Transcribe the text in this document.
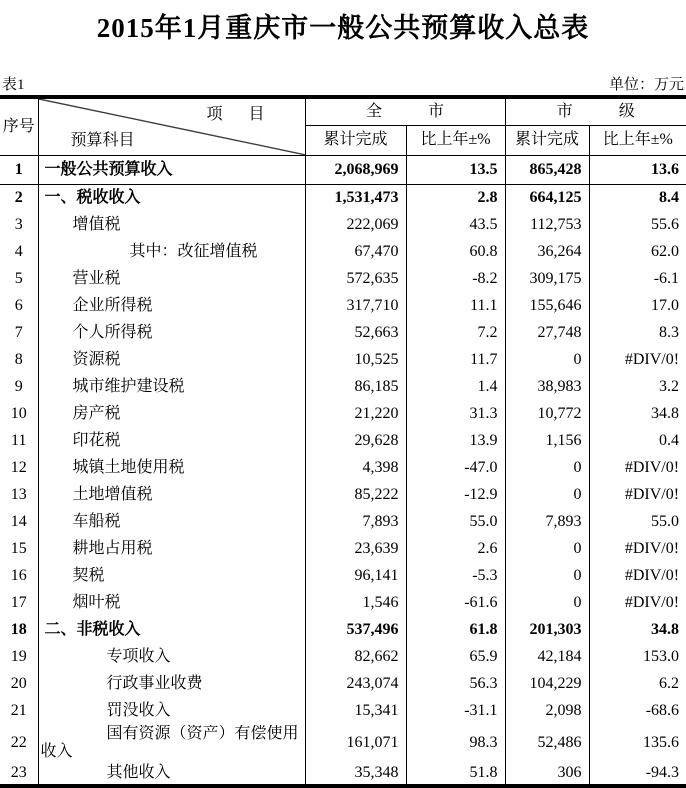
2015年1月重庆市一般公共预算收入总表
表1	单位：万元
序号	项 目
预算科目	全市		市级	
		累计完成	比上年±%	累计完成	比上年±%
1	一般公共预算收入	2,068,969	13.5	865,428	13.6
2	一、税收收入	1,531,473	2.8	664,125	8.4
3	增值税	222,069	43.5	112,753	55.6
4	其中：改征增值税	67,470	60.8	36,264	62.0
5	营业税	572,635	-8.2	309,175	-6.1
6	企业所得税	317,710	11.1	155,646	17.0
7	个人所得税	52,663	7.2	27,748	8.3
8	资源税	10,525	11.7	0	#DIV/0!
9	城市维护建设税	86,185	1.4	38,983	3.2
10	房产税	21,220	31.3	10,772	34.8
11	印花税	29,628	13.9	1,156	0.4
12	城镇土地使用税	4,398	-47.0	0	#DIV/0!
13	土地增值税	85,222	-12.9	0	#DIV/0!
14	车船税	7,893	55.0	7,893	55.0
15	耕地占用税	23,639	2.6	0	#DIV/0!
16	契税	96,141	-5.3	0	#DIV/0!
17	烟叶税	1,546	-61.6	0	#DIV/0!
18	二、非税收入	537,496	61.8	201,303	34.8
19	专项收入	82,662	65.9	42,184	153.0
20	行政事业收费	243,074	56.3	104,229	6.2
21	罚没收入	15,341	-31.1	2,098	-68.6
22	国有资源（资产）有偿使用收入	161,071	98.3	52,486	135.6
23	其他收入	35,348	51.8	306	-94.3
